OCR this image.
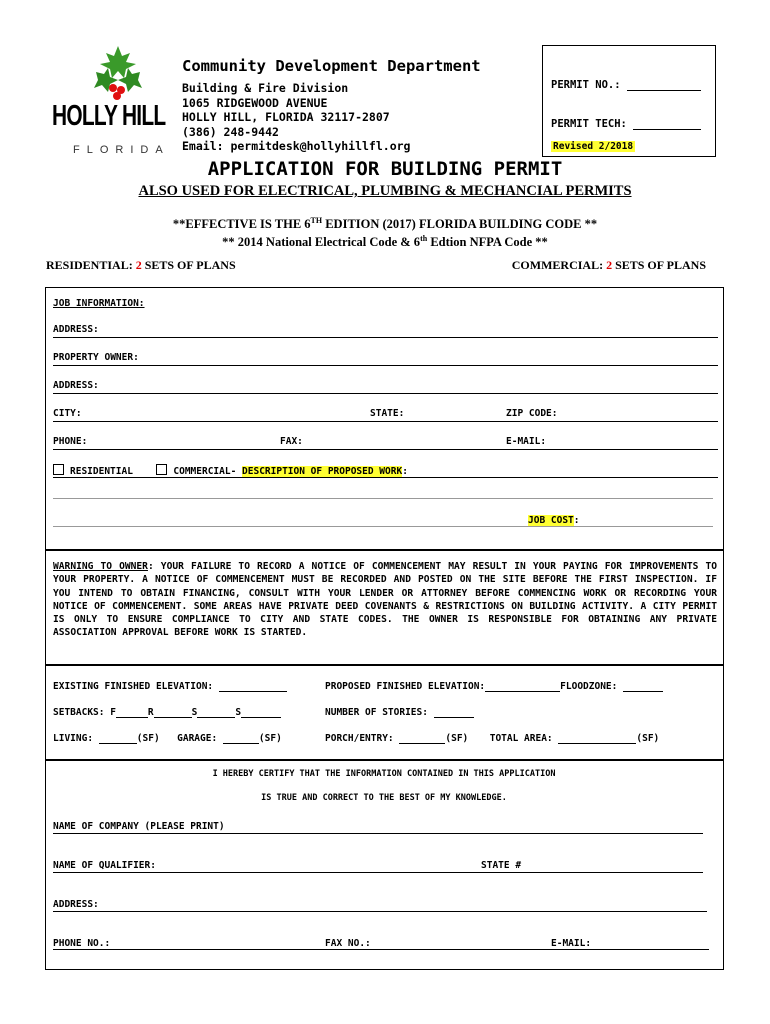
HOLLY HILL
FLORIDA
Community Development Department
Building & Fire Division
1065 RIDGEWOOD AVENUE
HOLLY HILL, FLORIDA 32117-2807
(386) 248-9442
Email: permitdesk@hollyhillfl.org
PERMIT NO.:
PERMIT TECH:
Revised 2/2018
APPLICATION FOR BUILDING PERMIT
ALSO USED FOR ELECTRICAL, PLUMBING & MECHANCIAL PERMITS
**EFFECTIVE IS THE 6TH EDITION (2017) FLORIDA BUILDING CODE **
** 2014 National Electrical Code & 6th Edtion NFPA Code **
RESIDENTIAL: 2 SETS OF PLANS	COMMERCIAL: 2 SETS OF PLANS
JOB INFORMATION:
ADDRESS:
PROPERTY OWNER:
ADDRESS:
CITY:	STATE:	ZIP CODE:
PHONE:	FAX:	E-MAIL:
RESIDENTIAL	COMMERCIAL- DESCRIPTION OF PROPOSED WORK:
JOB COST:
WARNING TO OWNER: YOUR FAILURE TO RECORD A NOTICE OF COMMENCEMENT MAY RESULT IN YOUR PAYING FOR IMPROVEMENTS TO YOUR PROPERTY. A NOTICE OF COMMENCEMENT MUST BE RECORDED AND POSTED ON THE SITE BEFORE THE FIRST INSPECTION. IF YOU INTEND TO OBTAIN FINANCING, CONSULT WITH YOUR LENDER OR ATTORNEY BEFORE COMMENCING WORK OR RECORDING YOUR NOTICE OF COMMENCEMENT. SOME AREAS HAVE PRIVATE DEED COVENANTS & RESTRICTIONS ON BUILDING ACTIVITY. A CITY PERMIT IS ONLY TO ENSURE COMPLIANCE TO CITY AND STATE CODES. THE OWNER IS RESPONSIBLE FOR OBTAINING ANY PRIVATE ASSOCIATION APPROVAL BEFORE WORK IS STARTED.
EXISTING FINISHED ELEVATION:	PROPOSED FINISHED ELEVATION:	FLOODZONE:
SETBACKS: F	R	S	S	NUMBER OF STORIES:
LIVING:	(SF) GARAGE:	(SF)	PORCH/ENTRY:	(SF) TOTAL AREA:	(SF)
I HEREBY CERTIFY THAT THE INFORMATION CONTAINED IN THIS APPLICATION
IS TRUE AND CORRECT TO THE BEST OF MY KNOWLEDGE.
NAME OF COMPANY (PLEASE PRINT)
NAME OF QUALIFIER:	STATE #
ADDRESS:
PHONE NO.:	FAX NO.:	E-MAIL:
